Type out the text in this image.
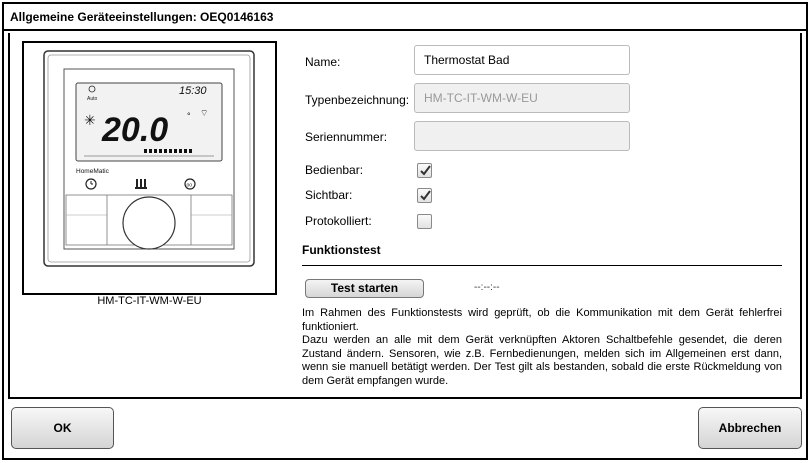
Allgemeine Geräteeinstellungen: OEQ0146163
Auto
15:30
✳ 20.0 ° ⌔
HomeMatic
oo
HM-TC-IT-WM-W-EU
Name:	Thermostat Bad
Typenbezeichnung:	HM-TC-IT-WM-W-EU
Seriennummer:
Bedienbar:
Sichtbar:
Protokolliert:
Funktionstest
Test starten	--:--:--

Im Rahmen des Funktionstests wird geprüft, ob die Kommunikation mit dem Gerät fehlerfrei funktioniert.

Dazu werden an alle mit dem Gerät verknüpften Aktoren Schaltbefehle gesendet, die deren Zustand ändern. Sensoren, wie z.B. Fernbedienungen, melden sich im Allgemeinen erst dann, wenn sie manuell betätigt werden. Der Test gilt als bestanden, sobald die erste Rückmeldung von dem Gerät empfangen wurde.

OK	Abbrechen
